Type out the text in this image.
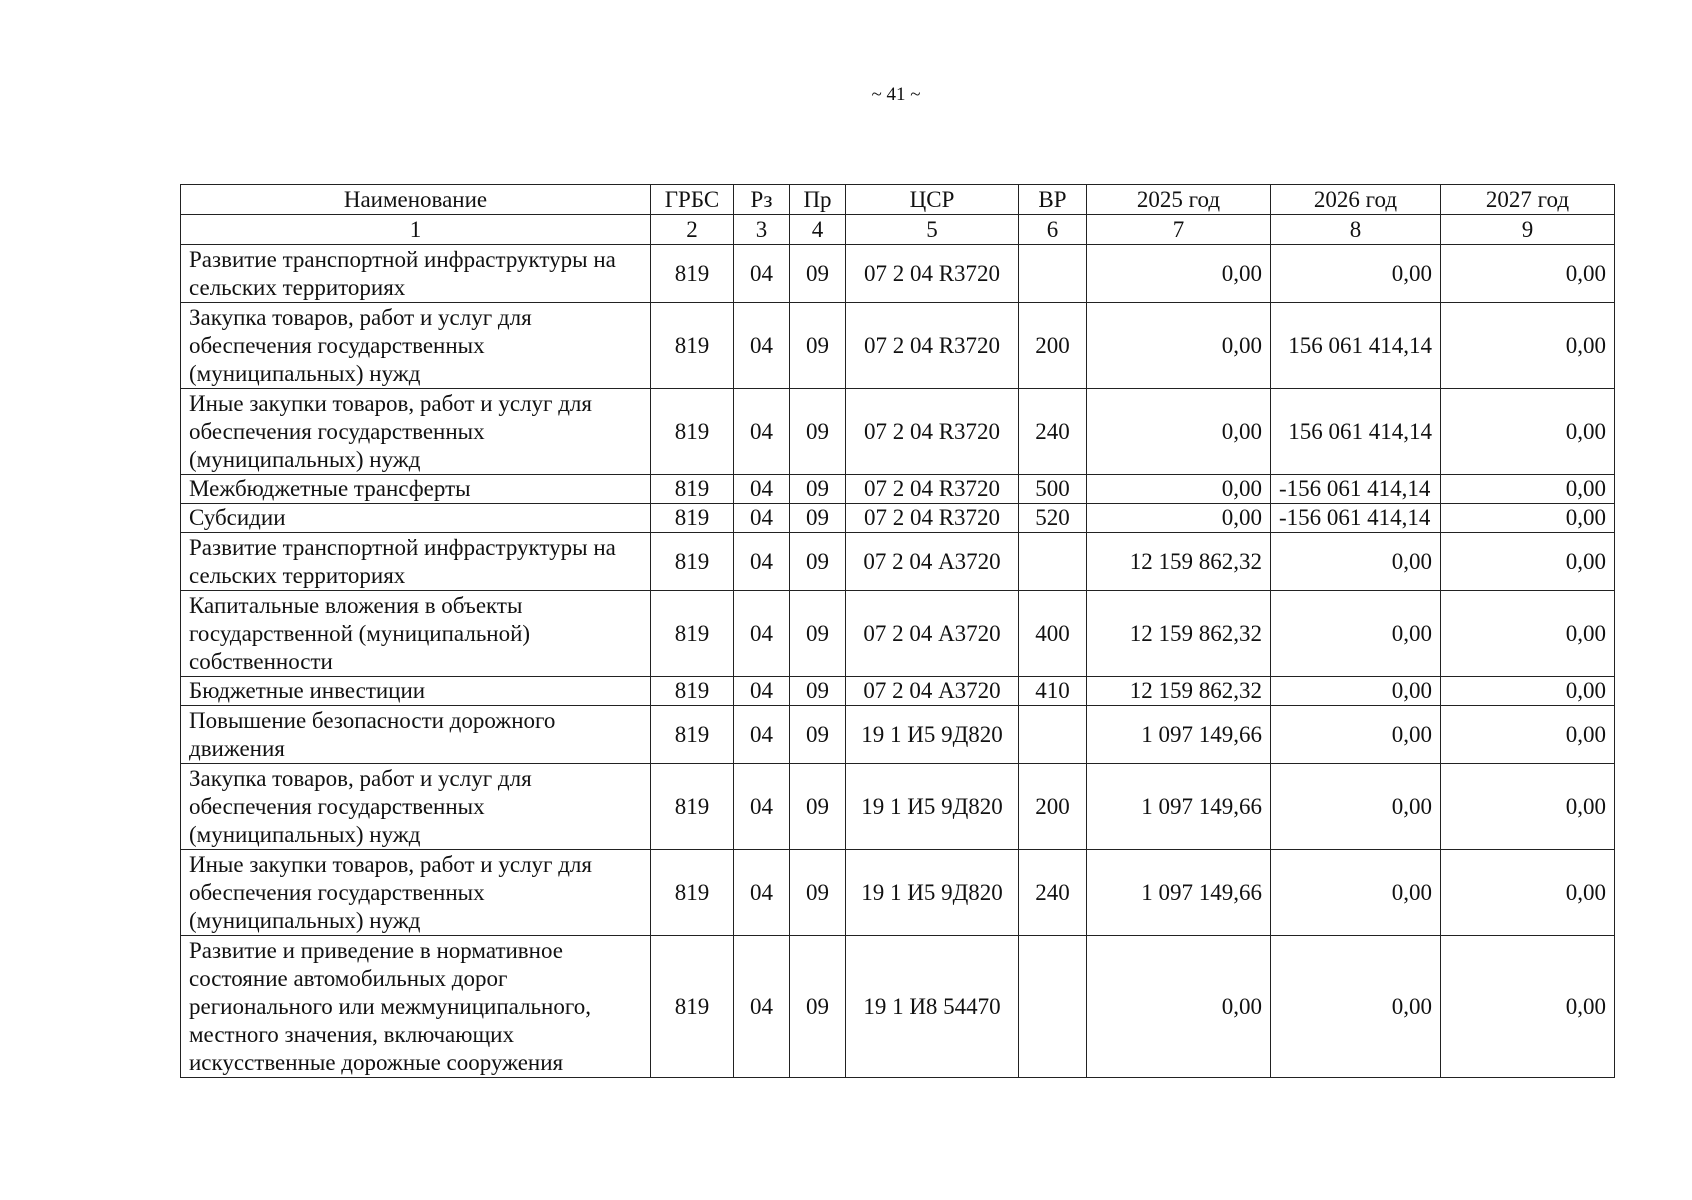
~ 41 ~
Наименование	ГРБС	Рз	Пр	ЦСР	ВР	2025 год	2026 год	2027 год
1	2	3	4	5	6	7	8	9
Развитие транспортной инфраструктуры на сельских территориях	819	04	09	07 2 04 R3720		0,00	0,00	0,00
Закупка товаров, работ и услуг для обеспечения государственных (муниципальных) нужд	819	04	09	07 2 04 R3720	200	0,00	156 061 414,14	0,00
Иные закупки товаров, работ и услуг для обеспечения государственных (муниципальных) нужд	819	04	09	07 2 04 R3720	240	0,00	156 061 414,14	0,00
Межбюджетные трансферты	819	04	09	07 2 04 R3720	500	0,00	-156 061 414,14	0,00
Субсидии	819	04	09	07 2 04 R3720	520	0,00	-156 061 414,14	0,00
Развитие транспортной инфраструктуры на сельских территориях	819	04	09	07 2 04 А3720		12 159 862,32	0,00	0,00
Капитальные вложения в объекты государственной (муниципальной) собственности	819	04	09	07 2 04 А3720	400	12 159 862,32	0,00	0,00
Бюджетные инвестиции	819	04	09	07 2 04 А3720	410	12 159 862,32	0,00	0,00
Повышение безопасности дорожного движения	819	04	09	19 1 И5 9Д820		1 097 149,66	0,00	0,00
Закупка товаров, работ и услуг для обеспечения государственных (муниципальных) нужд	819	04	09	19 1 И5 9Д820	200	1 097 149,66	0,00	0,00
Иные закупки товаров, работ и услуг для обеспечения государственных (муниципальных) нужд	819	04	09	19 1 И5 9Д820	240	1 097 149,66	0,00	0,00
Развитие и приведение в нормативное состояние автомобильных дорог регионального или межмуниципального, местного значения, включающих искусственные дорожные сооружения	819	04	09	19 1 И8 54470		0,00	0,00	0,00
